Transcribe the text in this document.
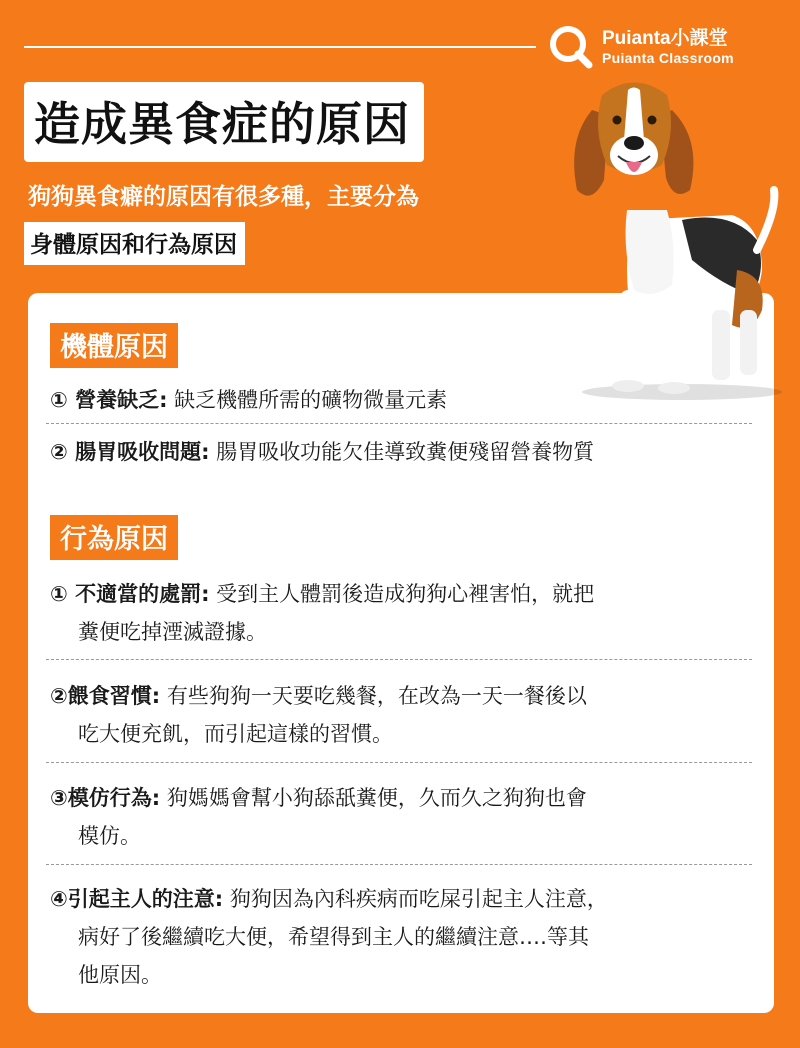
Puianta小課堂
Puianta Classroom
造成異食症的原因
狗狗異食癖的原因有很多種，主要分為
身體原因和行為原因
機體原因
① 營養缺乏: 缺乏機體所需的礦物微量元素
② 腸胃吸收問題: 腸胃吸收功能欠佳導致糞便殘留營養物質
行為原因
① 不適當的處罰: 受到主人體罰後造成狗狗心裡害怕，就把
糞便吃掉湮滅證據。
②餵食習慣: 有些狗狗一天要吃幾餐，在改為一天一餐後以
吃大便充飢，而引起這樣的習慣。
③模仿行為: 狗媽媽會幫小狗舔舐糞便，久而久之狗狗也會
模仿。
④引起主人的注意: 狗狗因為內科疾病而吃屎引起主人注意，
病好了後繼續吃大便，希望得到主人的繼續注意‥‥等其
他原因。
